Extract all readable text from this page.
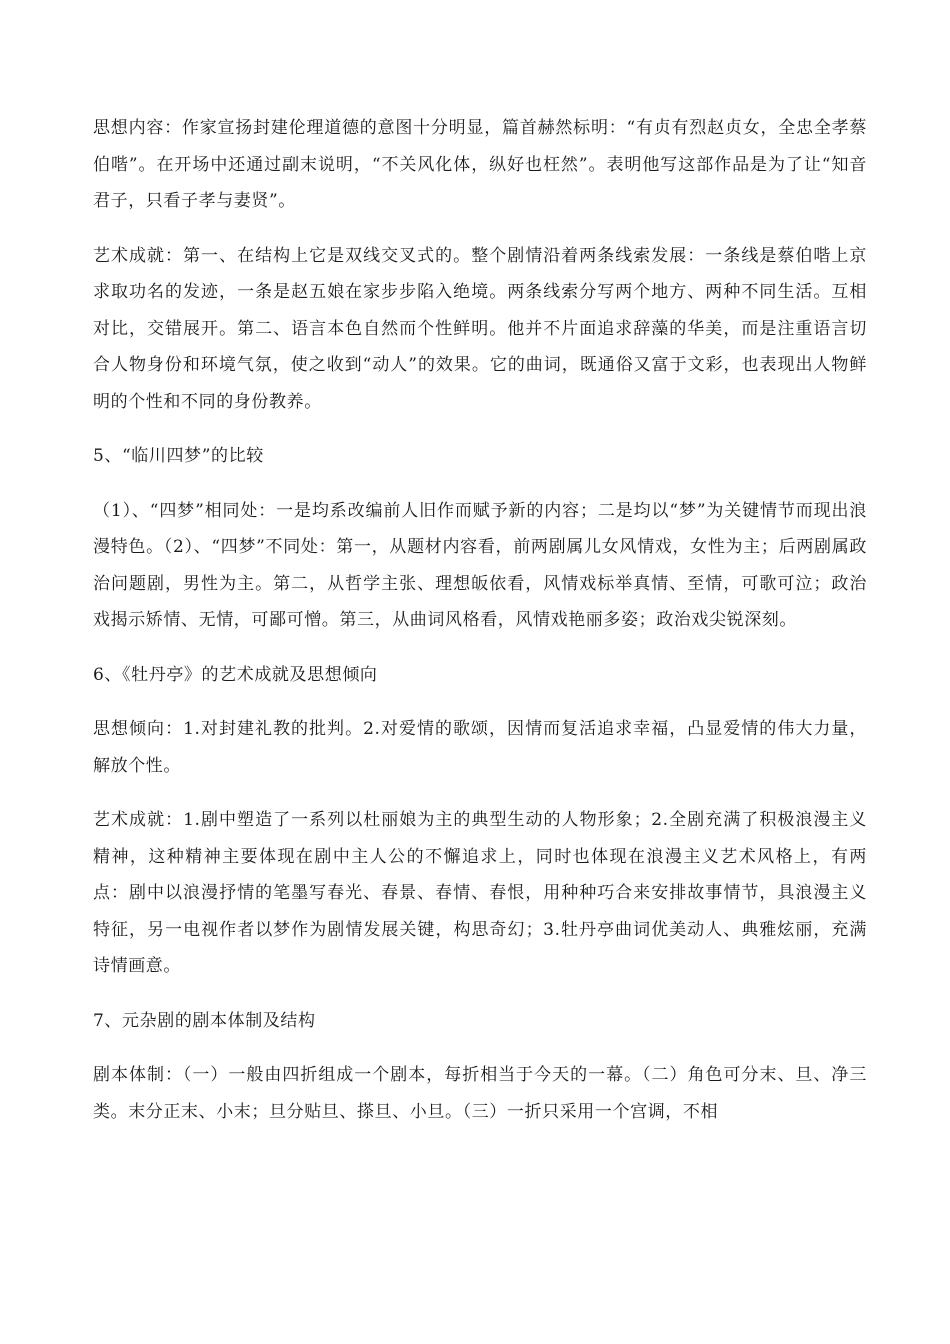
思想内容：作家宣扬封建伦理道德的意图十分明显，篇首赫然标明：“有贞有烈赵贞女，全忠全孝蔡伯喈”。在开场中还通过副末说明，“不关风化体，纵好也枉然”。表明他写这部作品是为了让“知音君子，只看子孝与妻贤”。

艺术成就：第一、在结构上它是双线交叉式的。整个剧情沿着两条线索发展：一条线是蔡伯喈上京求取功名的发迹，一条是赵五娘在家步步陷入绝境。两条线索分写两个地方、两种不同生活。互相对比，交错展开。第二、语言本色自然而个性鲜明。他并不片面追求辞藻的华美，而是注重语言切合人物身份和环境气氛，使之收到“动人”的效果。它的曲词，既通俗又富于文彩，也表现出人物鲜明的个性和不同的身份教养。

5、“临川四梦”的比较

（1）、“四梦”相同处：一是均系改编前人旧作而赋予新的内容；二是均以“梦”为关键情节而现出浪漫特色。（2）、“四梦”不同处：第一，从题材内容看，前两剧属儿女风情戏，女性为主；后两剧属政治问题剧，男性为主。第二，从哲学主张、理想皈依看，风情戏标举真情、至情，可歌可泣；政治戏揭示矫情、无情，可鄙可憎。第三，从曲词风格看，风情戏艳丽多姿；政治戏尖锐深刻。

6、《牡丹亭》的艺术成就及思想倾向

思想倾向：1.对封建礼教的批判。2.对爱情的歌颂，因情而复活追求幸福，凸显爱情的伟大力量，解放个性。

艺术成就：1.剧中塑造了一系列以杜丽娘为主的典型生动的人物形象；2.全剧充满了积极浪漫主义精神，这种精神主要体现在剧中主人公的不懈追求上，同时也体现在浪漫主义艺术风格上，有两点：剧中以浪漫抒情的笔墨写春光、春景、春情、春恨，用种种巧合来安排故事情节，具浪漫主义特征，另一电视作者以梦作为剧情发展关键，构思奇幻；3.牡丹亭曲词优美动人、典雅炫丽，充满诗情画意。

7、元杂剧的剧本体制及结构

剧本体制：（一）一般由四折组成一个剧本，每折相当于今天的一幕。（二）角色可分末、旦、净三类。末分正末、小末；旦分贴旦、搽旦、小旦。（三）一折只采用一个宫调，不相
